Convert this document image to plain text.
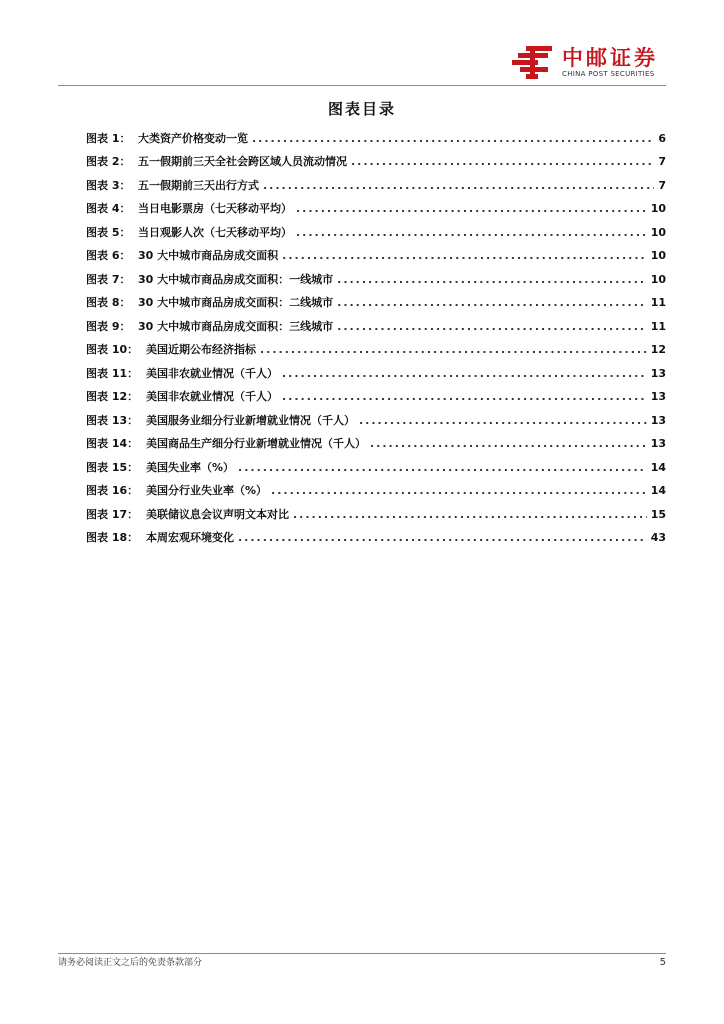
中邮证券
CHINA POST SECURITIES
图表目录
图表 1： 大类资产价格变动一览 .....	6
图表 2： 五一假期前三天全社会跨区域人员流动情况 .....	7
图表 3： 五一假期前三天出行方式 .....	7
图表 4： 当日电影票房（七天移动平均） .....	10
图表 5： 当日观影人次（七天移动平均） .....	10
图表 6： 30 大中城市商品房成交面积 .....	10
图表 7： 30 大中城市商品房成交面积：一线城市 .....	10
图表 8： 30 大中城市商品房成交面积：二线城市 .....	11
图表 9： 30 大中城市商品房成交面积：三线城市 .....	11
图表 10： 美国近期公布经济指标 .....	12
图表 11： 美国非农就业情况（千人） .....	13
图表 12： 美国非农就业情况（千人） .....	13
图表 13： 美国服务业细分行业新增就业情况（千人） .....	13
图表 14： 美国商品生产细分行业新增就业情况（千人） .....	13
图表 15： 美国失业率（%） .....	14
图表 16： 美国分行业失业率（%） .....	14
图表 17： 美联储议息会议声明文本对比 .....	15
图表 18： 本周宏观环境变化 .....	43
请务必阅读正文之后的免责条款部分	5
